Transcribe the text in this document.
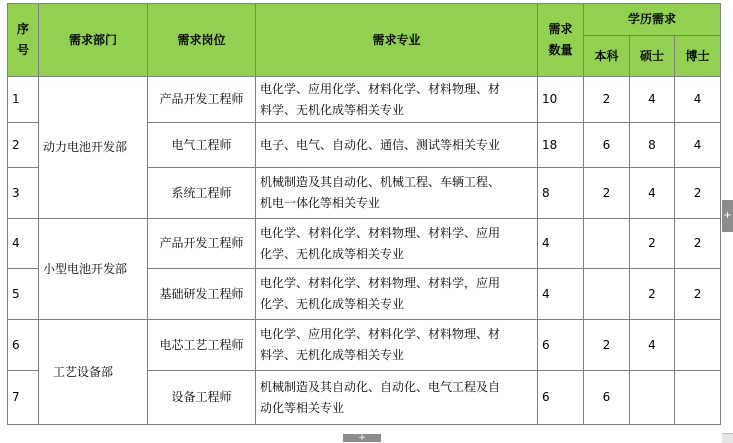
序号	需求部门	需求岗位	需求专业	需求数量	学历需求		
					本科	硕士	博士
1	动力电池开发部	产品开发工程师	电化学、应用化学、材料化学、材料物理、材
料学、无机化成等相关专业	10	2	4	4
2		电气工程师	电子、电气、自动化、通信、测试等相关专业	18	6	8	4
3		系统工程师	机械制造及其自动化、机械工程、车辆工程、
机电一体化等相关专业	8	2	4	2
4	小型电池开发部	产品开发工程师	电化学、材料化学、材料物理、材料学、应用
化学、无机化成等相关专业	4		2	2
5		基础研发工程师	电化学、材料化学、材料物理、材料学，应用
化学、无机化成等相关专业	4		2	2
6	工艺设备部	电芯工艺工程师	电化学、应用化学、材料化学、材料物理、材
料学、无机化成等相关专业	6	2	4	
7		设备工程师	机械制造及其自动化、自动化、电气工程及自
动化等相关专业	6	6		
+
+
